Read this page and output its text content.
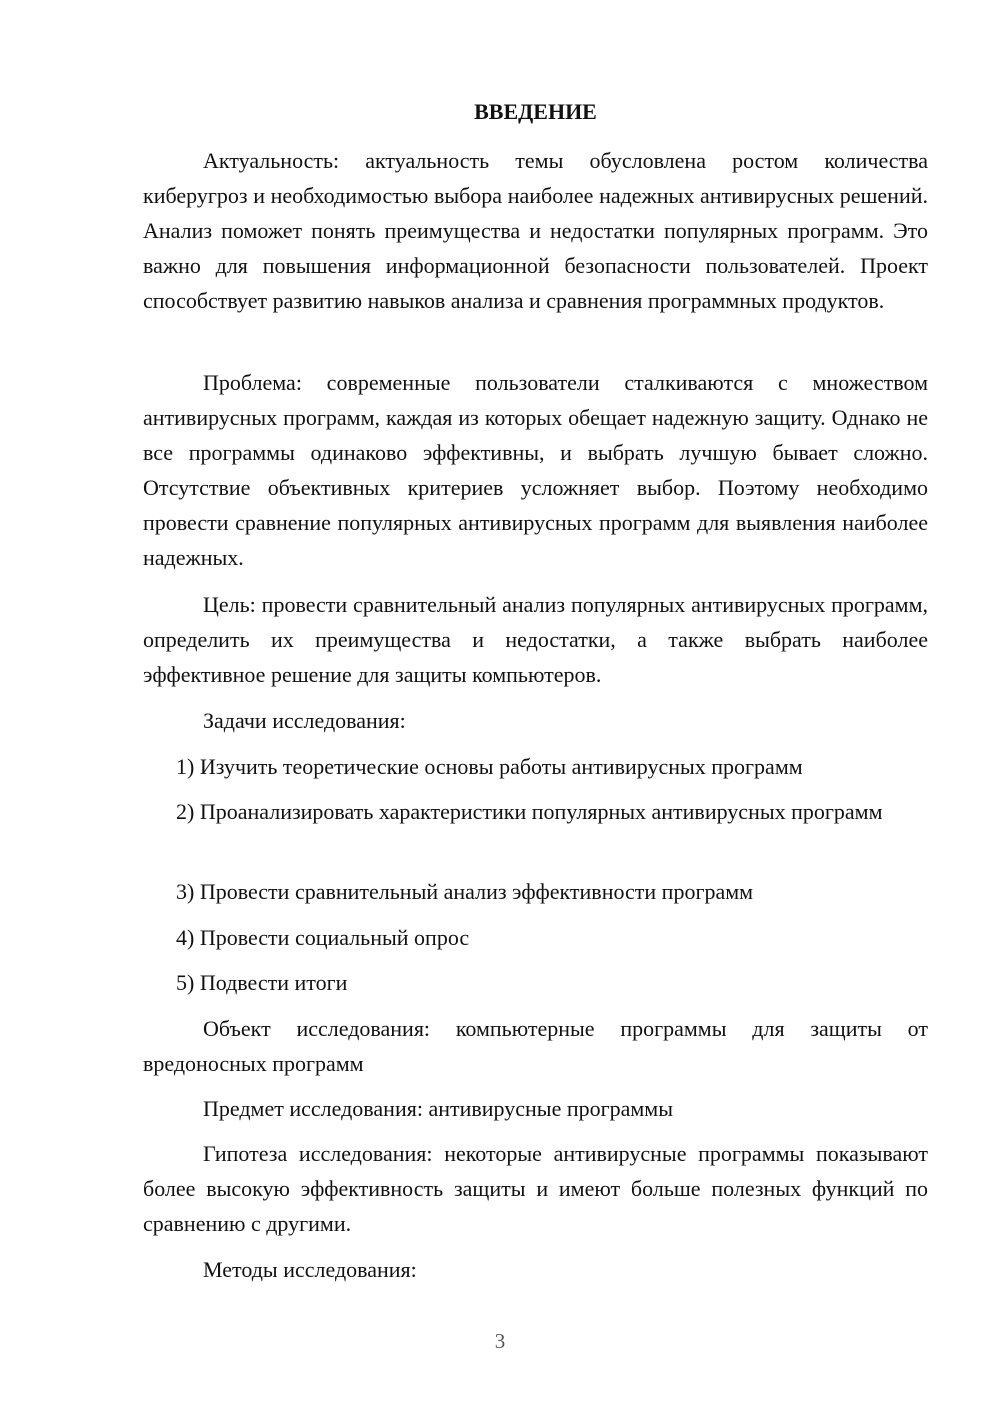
ВВЕДЕНИЕ

Актуальность: актуальность темы обусловлена ростом количества киберугроз и необходимостью выбора наиболее надежных антивирусных решений. Анализ поможет понять преимущества и недостатки популярных программ. Это важно для повышения информационной безопасности пользователей. Проект способствует развитию навыков анализа и сравнения программных продуктов.

Проблема: современные пользователи сталкиваются с множеством антивирусных программ, каждая из которых обещает надежную защиту. Однако не все программы одинаково эффективны, и выбрать лучшую бывает сложно. Отсутствие объективных критериев усложняет выбор. Поэтому необходимо провести сравнение популярных антивирусных программ для выявления наиболее надежных.

Цель: провести сравнительный анализ популярных антивирусных программ, определить их преимущества и недостатки, а также выбрать наиболее эффективное решение для защиты компьютеров.

Задачи исследования:

1) Изучить теоретические основы работы антивирусных программ

2) Проанализировать характеристики популярных антивирусных программ

3) Провести сравнительный анализ эффективности программ

4) Провести социальный опрос

5) Подвести итоги

Объект исследования: компьютерные программы для защиты от вредоносных программ

Предмет исследования: антивирусные программы

Гипотеза исследования: некоторые антивирусные программы показывают более высокую эффективность защиты и имеют больше полезных функций по сравнению с другими.

Методы исследования:

3
